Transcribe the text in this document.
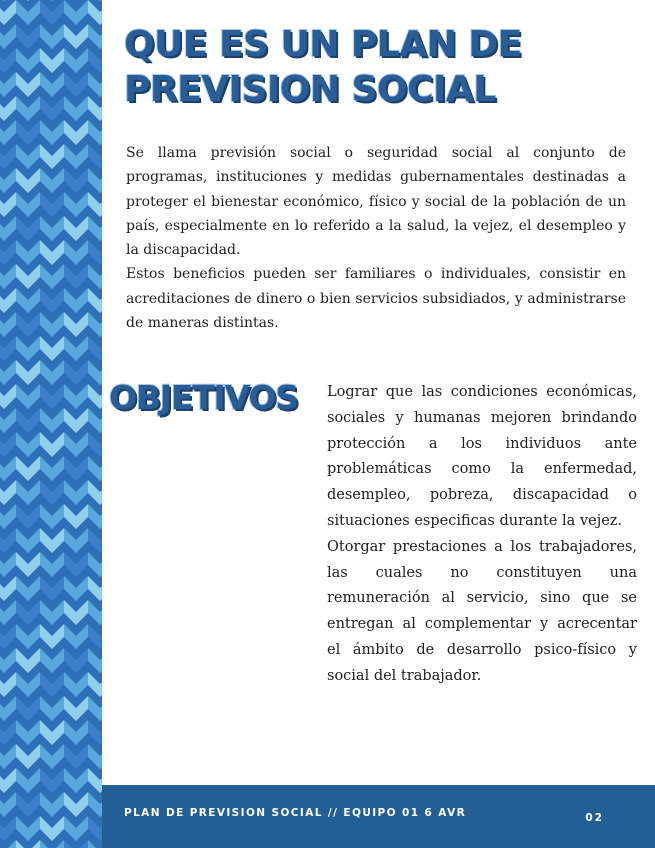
QUE ES UN PLAN DE PREVISION SOCIAL

Se llama previsión social o seguridad social al conjunto de programas, instituciones y medidas gubernamentales destinadas a proteger el bienestar económico, físico y social de la población de un país, especialmente en lo referido a la salud, la vejez, el desempleo y la discapacidad.

Estos beneficios pueden ser familiares o individuales, consistir en acreditaciones de dinero o bien servicios subsidiados, y administrarse de maneras distintas.

OBJETIVOS	Lograr que las condiciones económicas, sociales y humanas mejoren brindando protección a los individuos ante problemáticas como la enfermedad, desempleo, pobreza, discapacidad o situaciones especificas durante la vejez.

Otorgar prestaciones a los trabajadores, las cuales no constituyen una remuneración al servicio, sino que se entregan al complementar y acrecentar el ámbito de desarrollo psico-físico y social del trabajador.

PLAN DE PREVISION SOCIAL // EQUIPO 01 6 AVR	02
